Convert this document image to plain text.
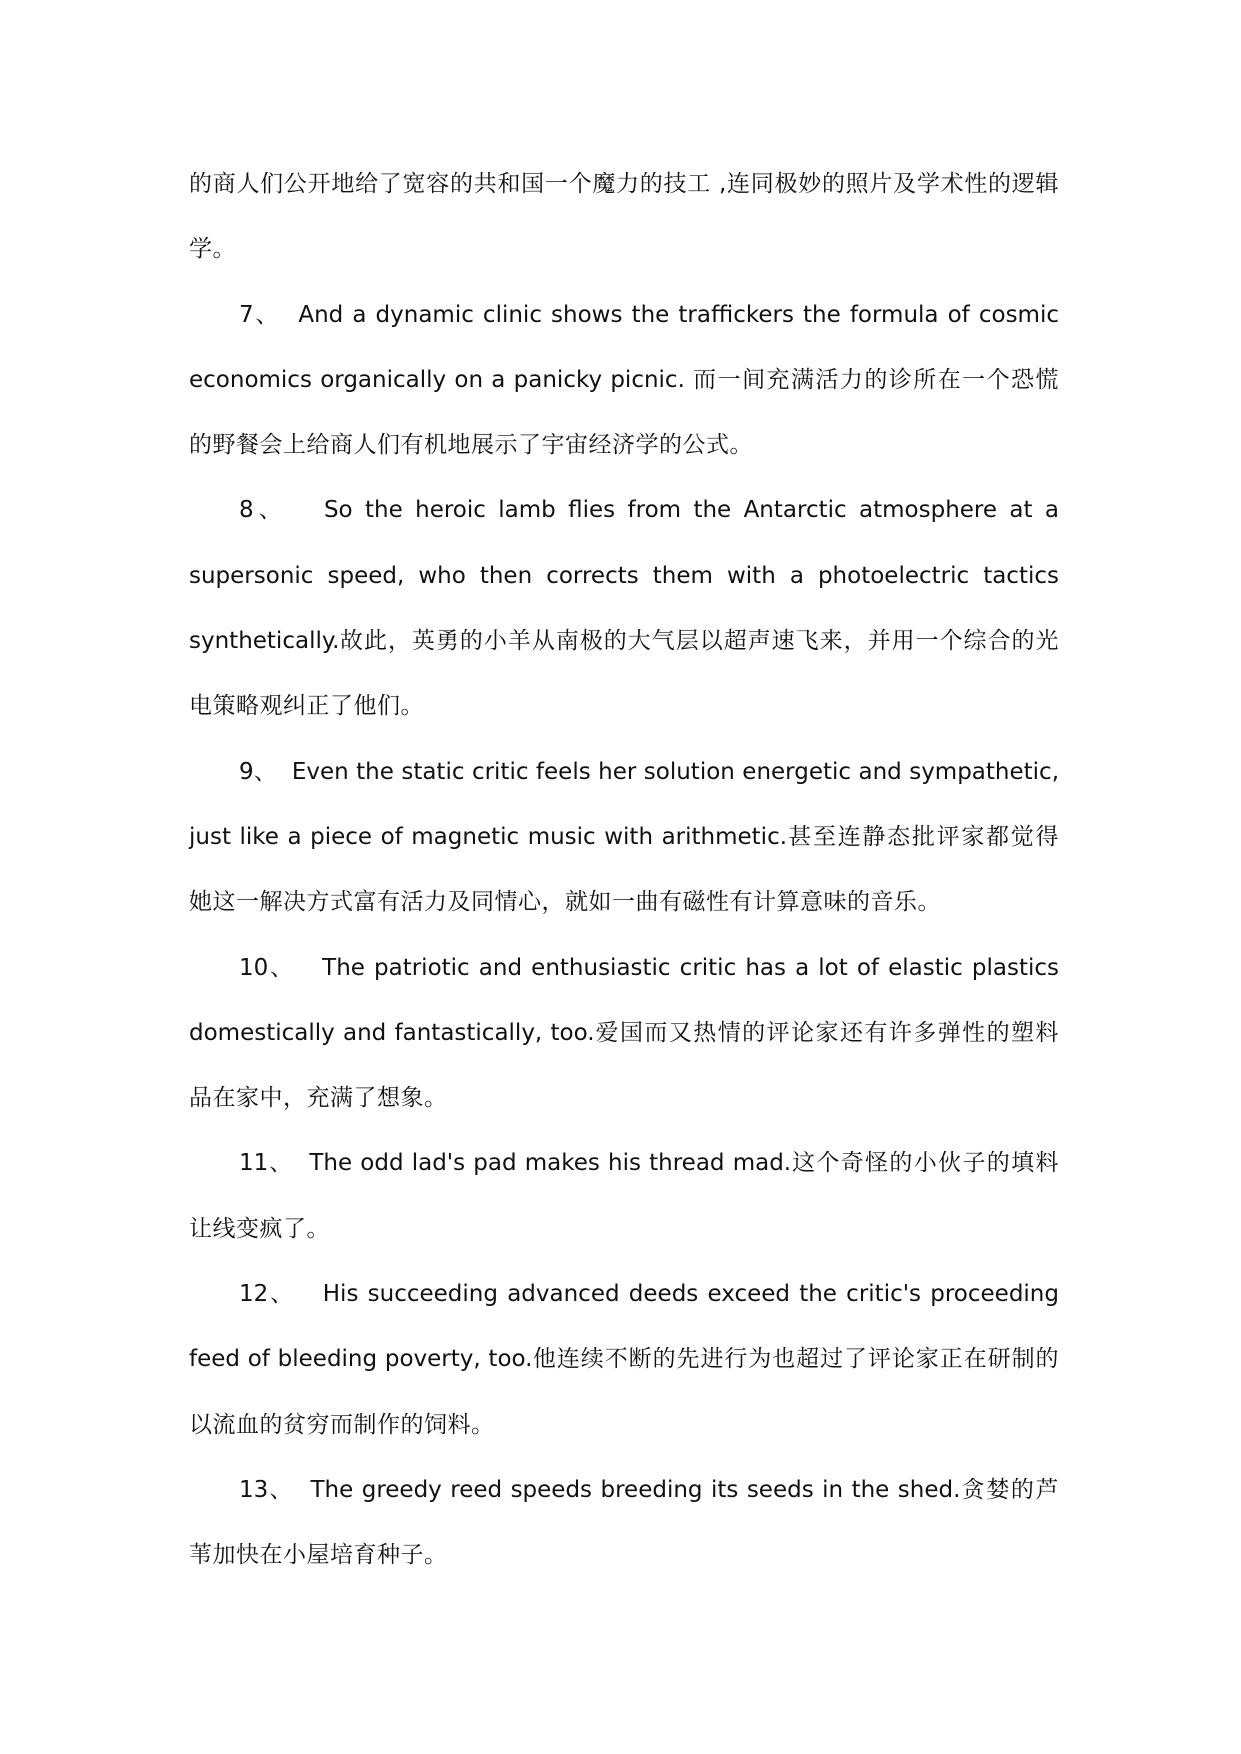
的商人们公开地给了宽容的共和国一个魔力的技工 ,连同极妙的照片及学术性的逻辑学。

7、 And a dynamic clinic shows the traffickers the formula of cosmic economics organically on a panicky picnic. 而一间充满活力的诊所在一个恐慌的野餐会上给商人们有机地展示了宇宙经济学的公式。

8、 So the heroic lamb flies from the Antarctic atmosphere at a supersonic speed, who then corrects them with a photoelectric tactics synthetically.故此，英勇的小羊从南极的大气层以超声速飞来，并用一个综合的光电策略观纠正了他们。

9、 Even the static critic feels her solution energetic and sympathetic, just like a piece of magnetic music with arithmetic.甚至连静态批评家都觉得她这一解决方式富有活力及同情心，就如一曲有磁性有计算意味的音乐。

10、 The patriotic and enthusiastic critic has a lot of elastic plastics domestically and fantastically, too.爱国而又热情的评论家还有许多弹性的塑料品在家中，充满了想象。

11、 The odd lad's pad makes his thread mad.这个奇怪的小伙子的填料让线变疯了。

12、 His succeeding advanced deeds exceed the critic's proceeding feed of bleeding poverty, too.他连续不断的先进行为也超过了评论家正在研制的以流血的贫穷而制作的饲料。

13、 The greedy reed speeds breeding its seeds in the shed.贪婪的芦苇加快在小屋培育种子。
